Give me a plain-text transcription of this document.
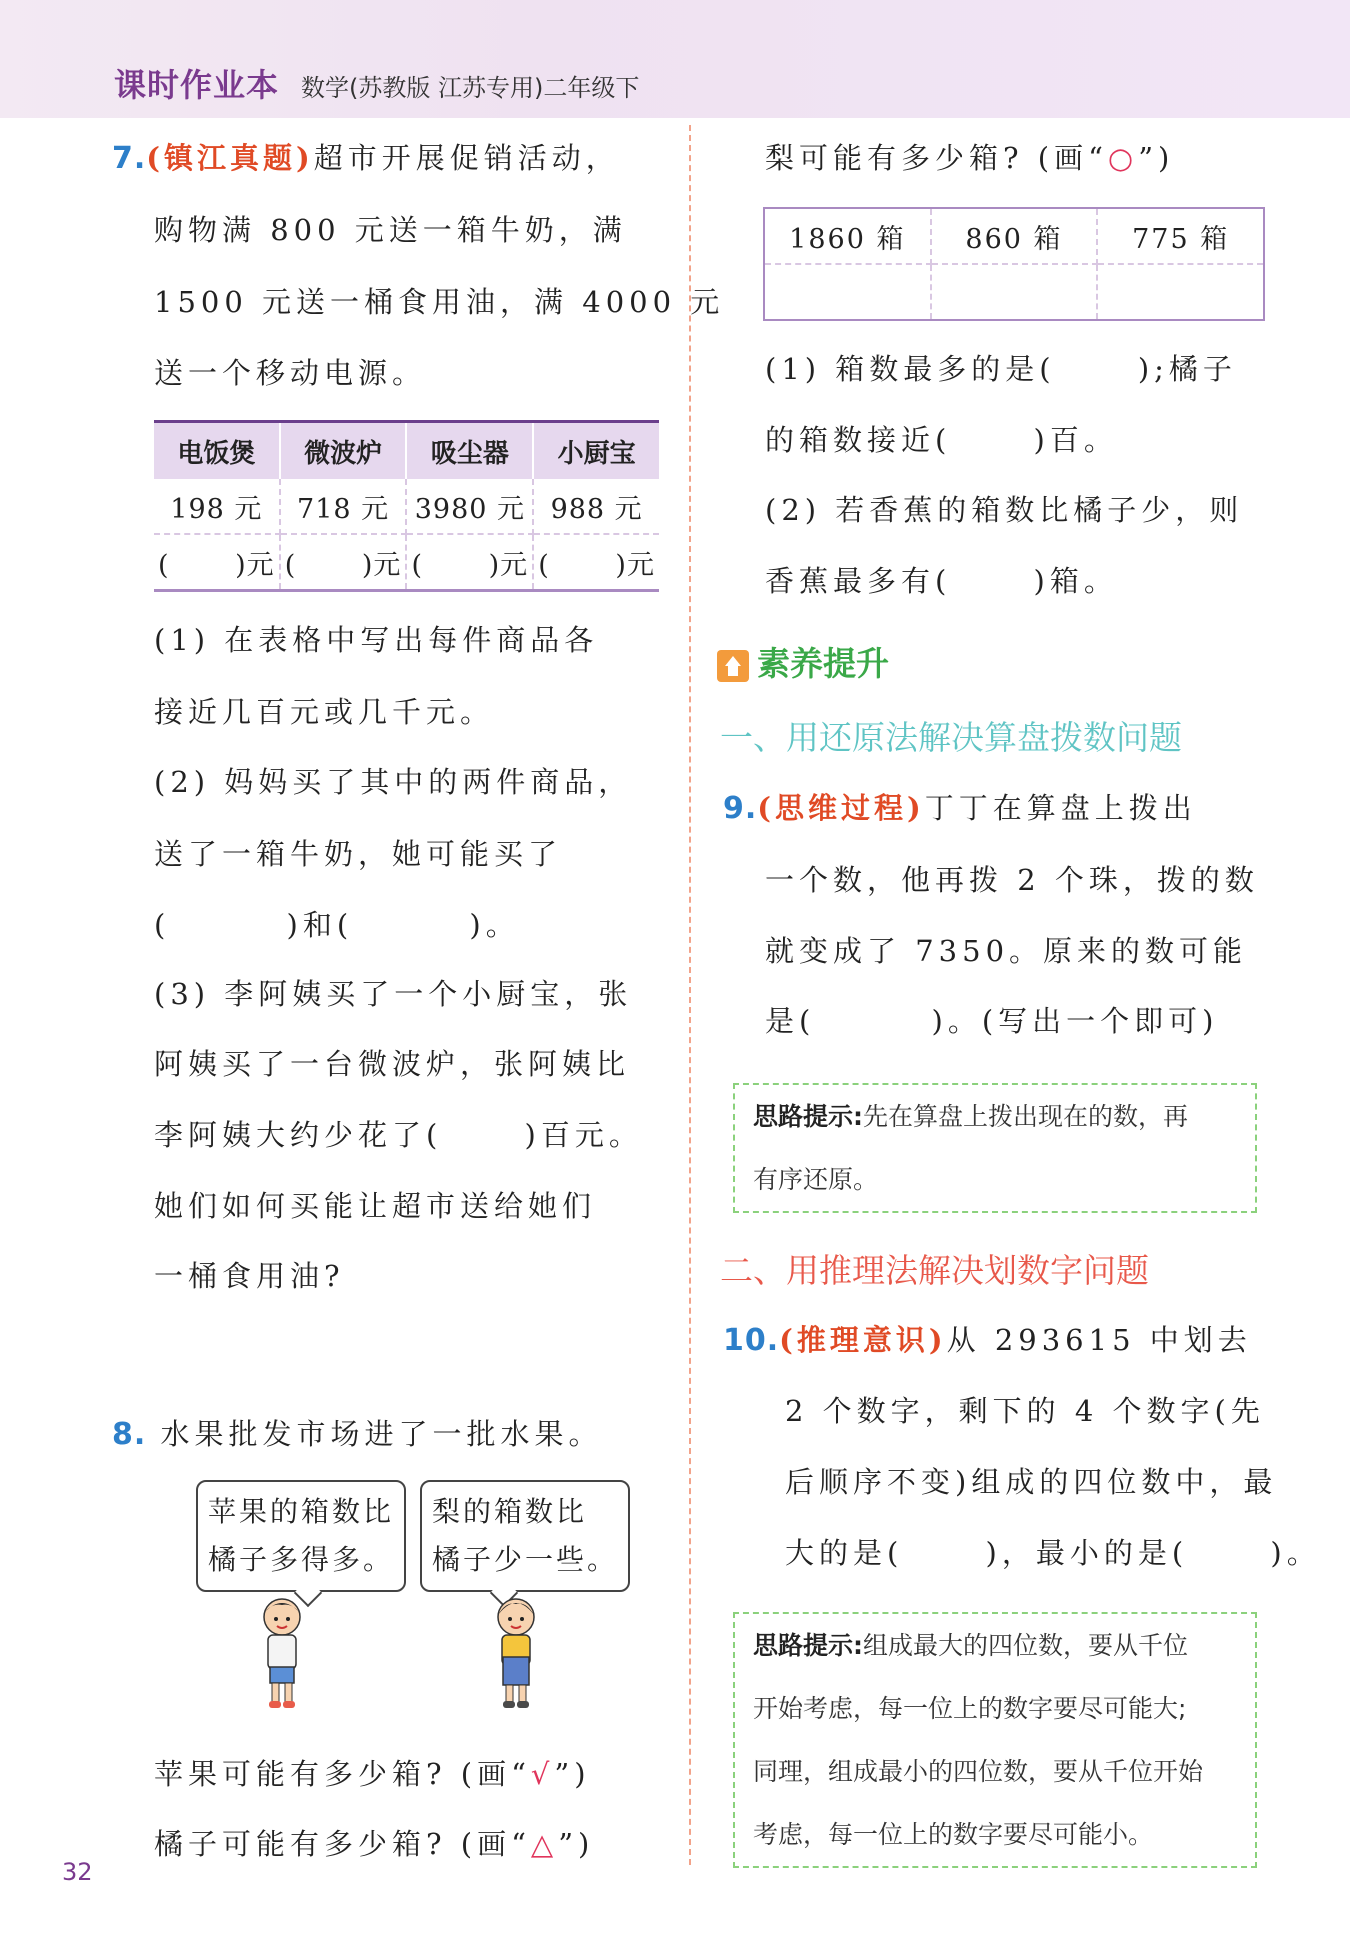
课时作业本 数学(苏教版 江苏专用)二年级下
7.(镇江真题)超市开展促销活动，
购物满 800 元送一箱牛奶，满
1500 元送一桶食用油，满 4000 元
送一个移动电源。
电饭煲	微波炉	吸尘器	小厨宝
198 元	718 元	3980 元	988 元
(　　 )元	(　　 )元	(　　 )元	(　　 )元
(1) 在表格中写出每件商品各
接近几百元或几千元。
(2) 妈妈买了其中的两件商品，
送了一箱牛奶，她可能买了
(　　　 )和(　　　 )。
(3) 李阿姨买了一个小厨宝，张
阿姨买了一台微波炉，张阿姨比
李阿姨大约少花了(　　 )百元。
她们如何买能让超市送给她们
一桶食用油?
8. 水果批发市场进了一批水果。
苹果的箱数比
橘子多得多。
梨的箱数比
橘子少一些。
苹果可能有多少箱? (画“√”)
橘子可能有多少箱? (画“△”)
梨可能有多少箱? (画“○”)
1860 箱	860 箱	775 箱

(1) 箱数最多的是(　　 );橘子
的箱数接近(　　 )百。
(2) 若香蕉的箱数比橘子少，则
香蕉最多有(　　 )箱。
素养提升
一、用还原法解决算盘拨数问题
9.(思维过程)丁丁在算盘上拨出
一个数，他再拨 2 个珠，拨的数
就变成了 7350。原来的数可能
是(　　　 )。(写出一个即可)
思路提示:先在算盘上拨出现在的数，再
有序还原。
二、用推理法解决划数字问题
10.(推理意识)从 293615 中划去
2 个数字，剩下的 4 个数字(先
后顺序不变)组成的四位数中，最
大的是(　　 )，最小的是(　　 )。
思路提示:组成最大的四位数，要从千位
开始考虑，每一位上的数字要尽可能大;
同理，组成最小的四位数，要从千位开始
考虑，每一位上的数字要尽可能小。
32
